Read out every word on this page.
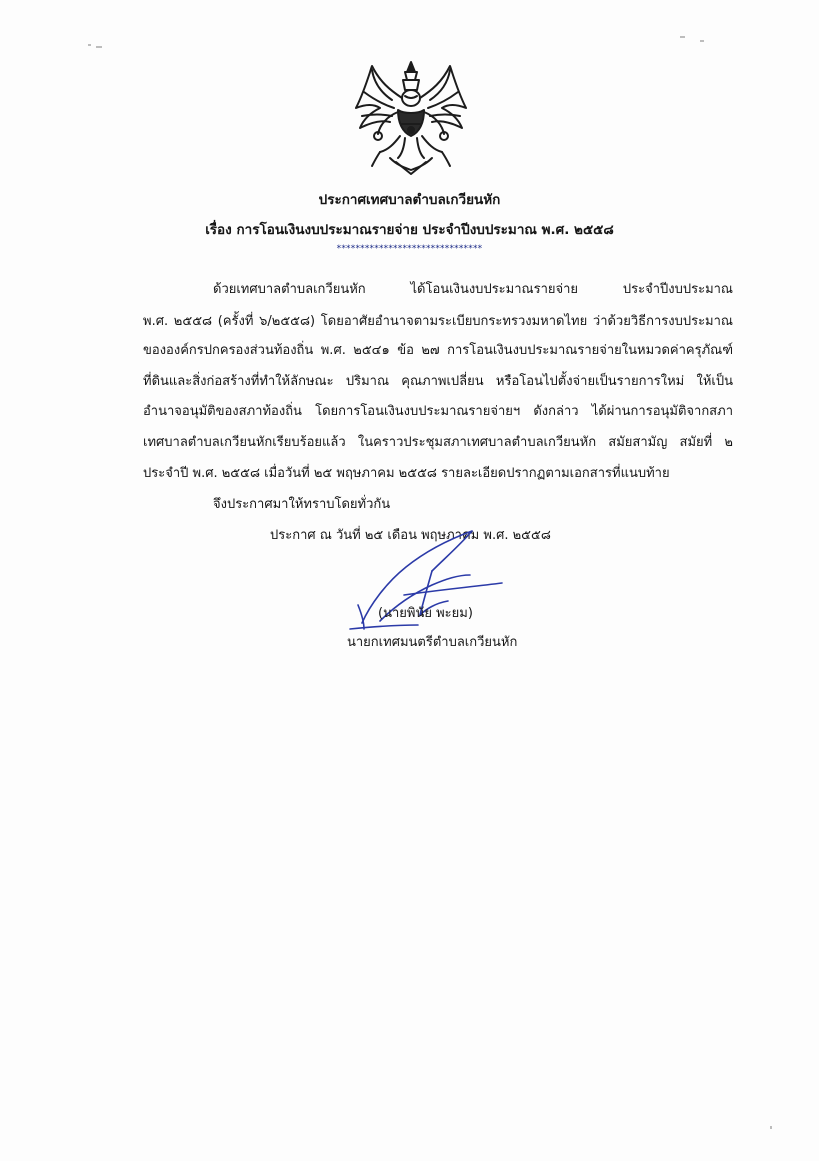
ประกาศเทศบาลตำบลเกวียนหัก
เรื่อง การโอนเงินงบประมาณรายจ่าย ประจำปีงบประมาณ พ.ศ. ๒๕๕๘
*******************************
ด้วยเทศบาลตำบลเกวียนหัก ได้โอนเงินงบประมาณรายจ่าย ประจำปีงบประมาณ
พ.ศ. ๒๕๕๘ (ครั้งที่ ๖/๒๕๕๘) โดยอาศัยอำนาจตามระเบียบกระทรวงมหาดไทย ว่าด้วยวิธีการงบประมาณ
ขององค์กรปกครองส่วนท้องถิ่น พ.ศ. ๒๕๔๑ ข้อ ๒๗ การโอนเงินงบประมาณรายจ่ายในหมวดค่าครุภัณฑ์
ที่ดินและสิ่งก่อสร้างที่ทำให้ลักษณะ ปริมาณ คุณภาพเปลี่ยน หรือโอนไปตั้งจ่ายเป็นรายการใหม่ ให้เป็น
อำนาจอนุมัติของสภาท้องถิ่น โดยการโอนเงินงบประมาณรายจ่ายฯ ดังกล่าว ได้ผ่านการอนุมัติจากสภา
เทศบาลตำบลเกวียนหักเรียบร้อยแล้ว ในคราวประชุมสภาเทศบาลตำบลเกวียนหัก สมัยสามัญ สมัยที่ ๒
ประจำปี พ.ศ. ๒๕๕๘ เมื่อวันที่ ๒๕ พฤษภาคม ๒๕๕๘ รายละเอียดปรากฏตามเอกสารที่แนบท้าย
จึงประกาศมาให้ทราบโดยทั่วกัน
ประกาศ ณ วันที่ ๒๕ เดือน พฤษภาคม พ.ศ. ๒๕๕๘
(นายพินัย พะยม)
นายกเทศมนตรีตำบลเกวียนหัก
